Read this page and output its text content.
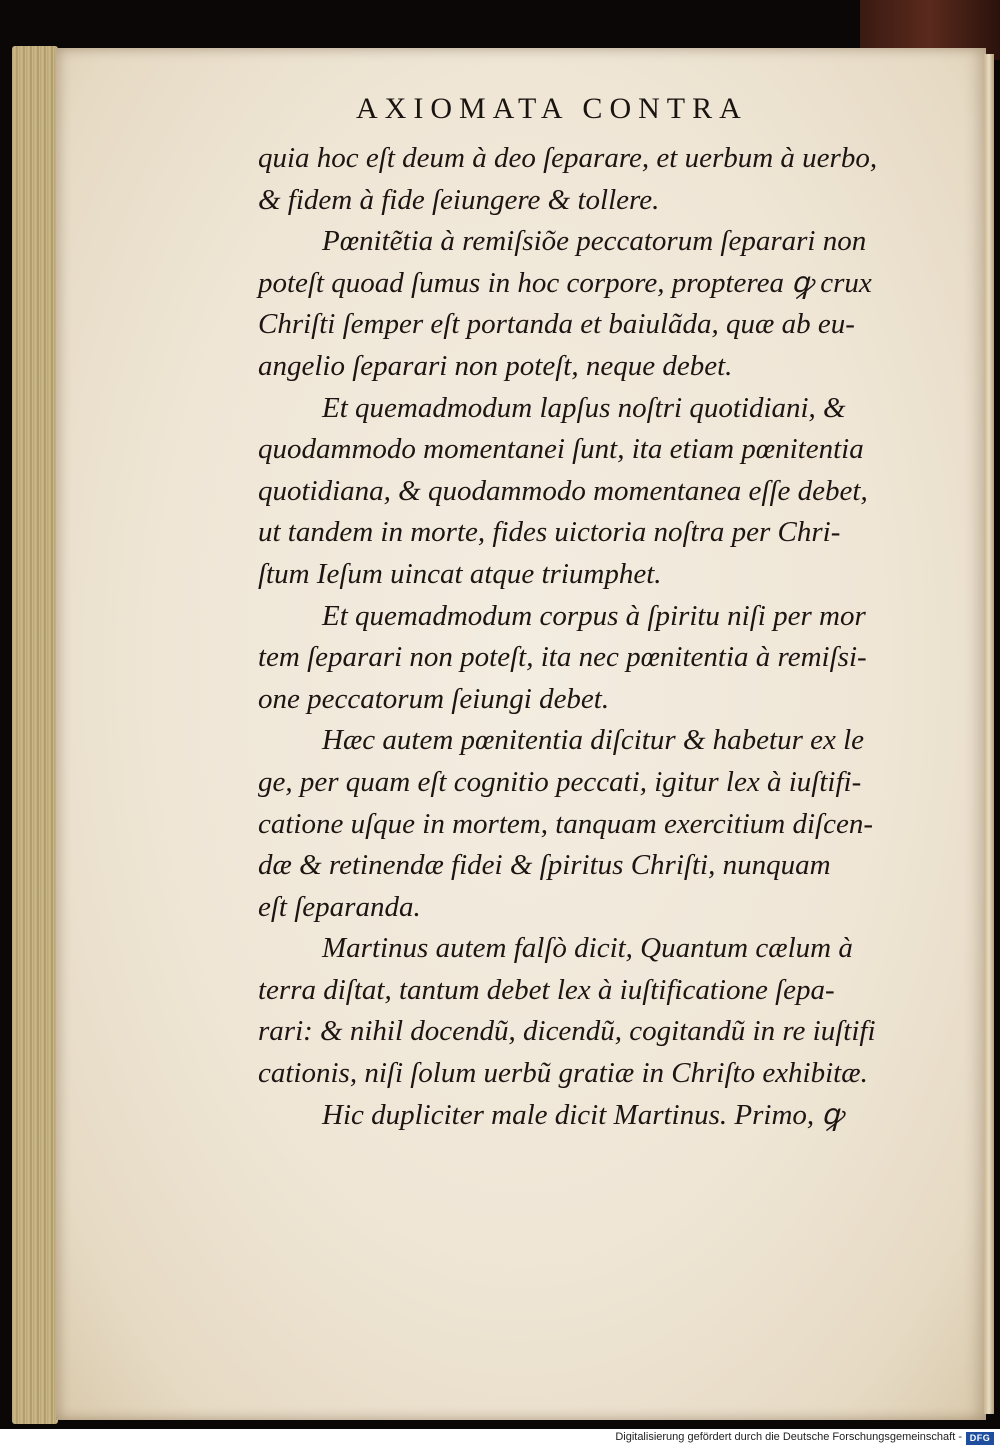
AXIOMATA CONTRA
quia hoc eſt deum à deo ſeparare, et uerbum à uerbo,
& fidem à fide ſeiungere & tollere.
Pœnitẽtia à remiſsiõe peccatorum ſeparari non
poteſt quoad ſumus in hoc corpore, propterea ꝙ crux
Chriſti ſemper eſt portanda et baiulãda, quæ ab eu-
angelio ſeparari non poteſt, neque debet.
Et quemadmodum lapſus noſtri quotidiani, &
quodammodo momentanei ſunt, ita etiam pœnitentia
quotidiana, & quodammodo momentanea eſſe debet,
ut tandem in morte, fides uictoria noſtra per Chri-
ſtum Ieſum uincat atque triumphet.
Et quemadmodum corpus à ſpiritu niſi per mor
tem ſeparari non poteſt, ita nec pœnitentia à remiſsi-
one peccatorum ſeiungi debet.
Hæc autem pœnitentia diſcitur & habetur ex le
ge, per quam eſt cognitio peccati, igitur lex à iuſtifi-
catione uſque in mortem, tanquam exercitium diſcen-
dæ & retinendæ fidei & ſpiritus Chriſti, nunquam
eſt ſeparanda.
Martinus autem falſò dicit, Quantum cælum à
terra diſtat, tantum debet lex à iuſtificatione ſepa-
rari: & nihil docendũ, dicendũ, cogitandũ in re iuſtifi
cationis, niſi ſolum uerbũ gratiæ in Chriſto exhibitæ.
Hic dupliciter male dicit Martinus. Primo, ꝙ
Digitalisierung gefördert durch die Deutsche Forschungsgemeinschaft - DFG
